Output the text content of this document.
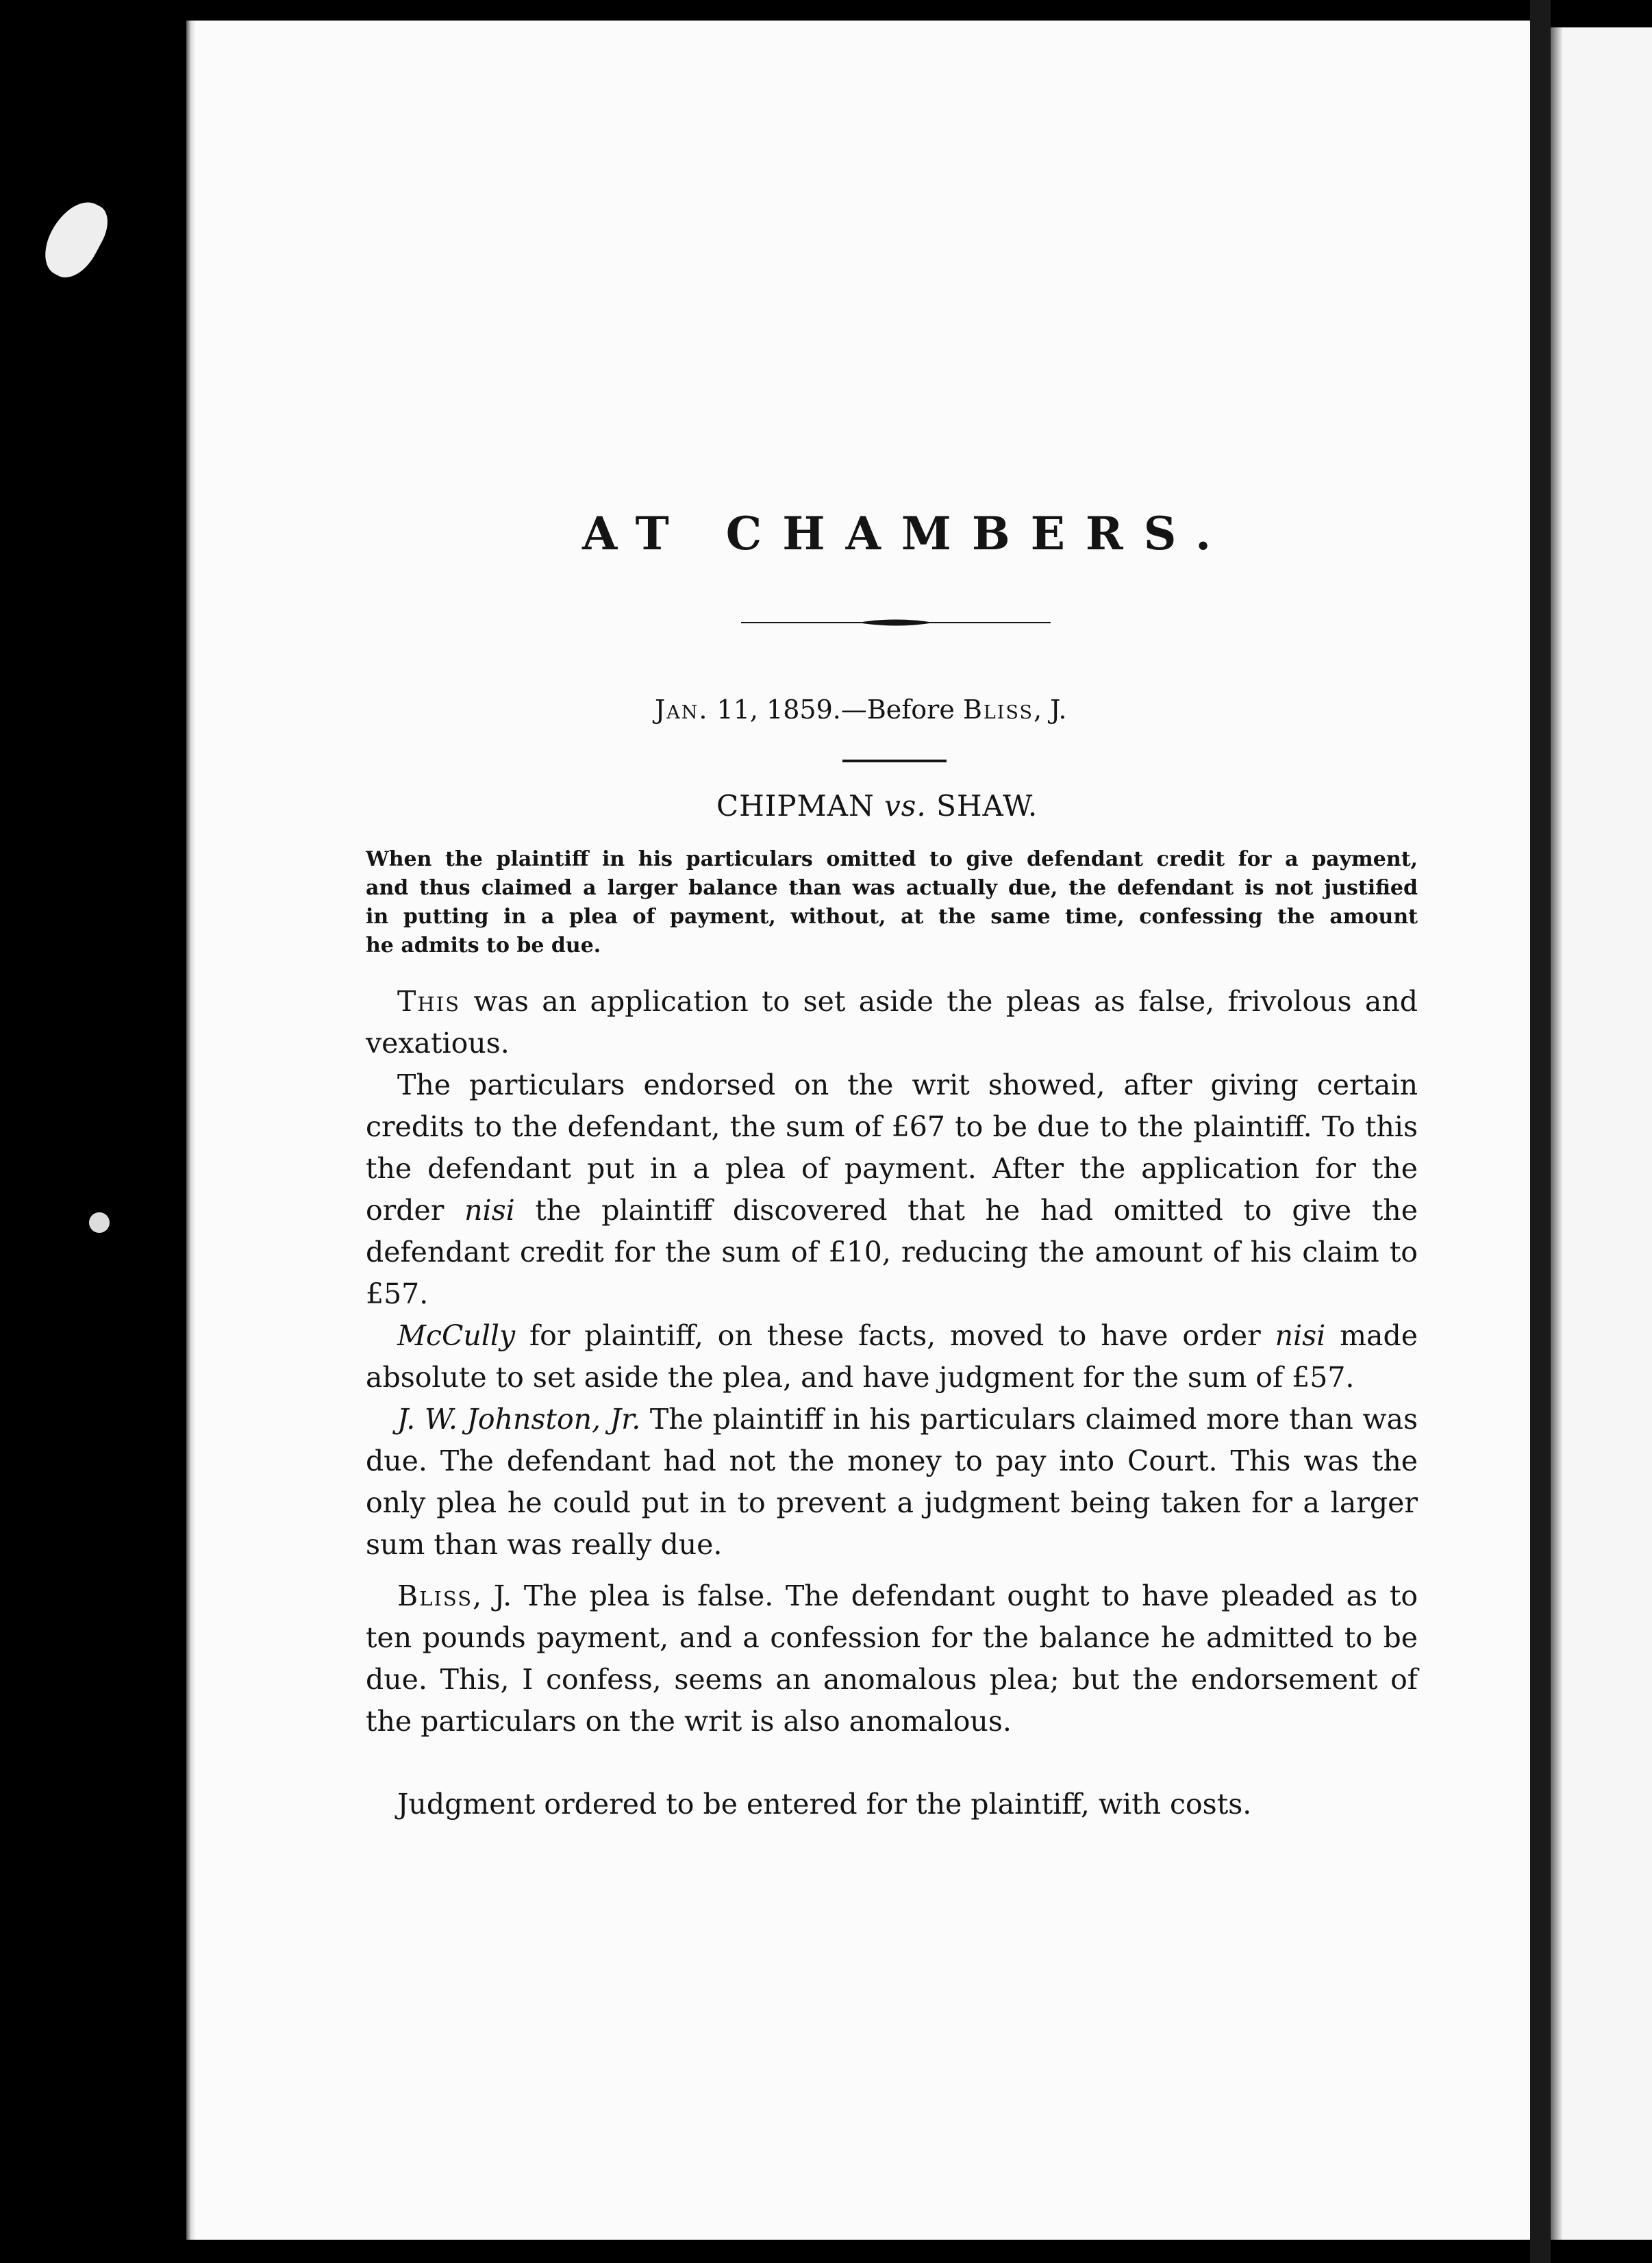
AT CHAMBERS.
Jan. 11, 1859.—Before Bliss, J.
CHIPMAN vs. SHAW.
When the plaintiff in his particulars omitted to give defendant credit for a payment,
and thus claimed a larger balance than was actually due, the defendant is not justified
in putting in a plea of payment, without, at the same time, confessing the amount
he admits to be due.

This was an application to set aside the pleas as false, frivolous and vexatious.

The particulars endorsed on the writ showed, after giving certain credits to the defendant, the sum of £67 to be due to the plaintiff. To this the defendant put in a plea of payment. After the application for the order nisi the plaintiff discovered that he had omitted to give the defendant credit for the sum of £10, reducing the amount of his claim to £57.

McCully for plaintiff, on these facts, moved to have order nisi made absolute to set aside the plea, and have judgment for the sum of £57.

J. W. Johnston, Jr. The plaintiff in his particulars claimed more than was due. The defendant had not the money to pay into Court. This was the only plea he could put in to prevent a judgment being taken for a larger sum than was really due.

Bliss, J. The plea is false. The defendant ought to have pleaded as to ten pounds payment, and a confession for the balance he admitted to be due. This, I confess, seems an anomalous plea; but the endorsement of the particulars on the writ is also anomalous.

Judgment ordered to be entered for the plaintiff, with costs.
